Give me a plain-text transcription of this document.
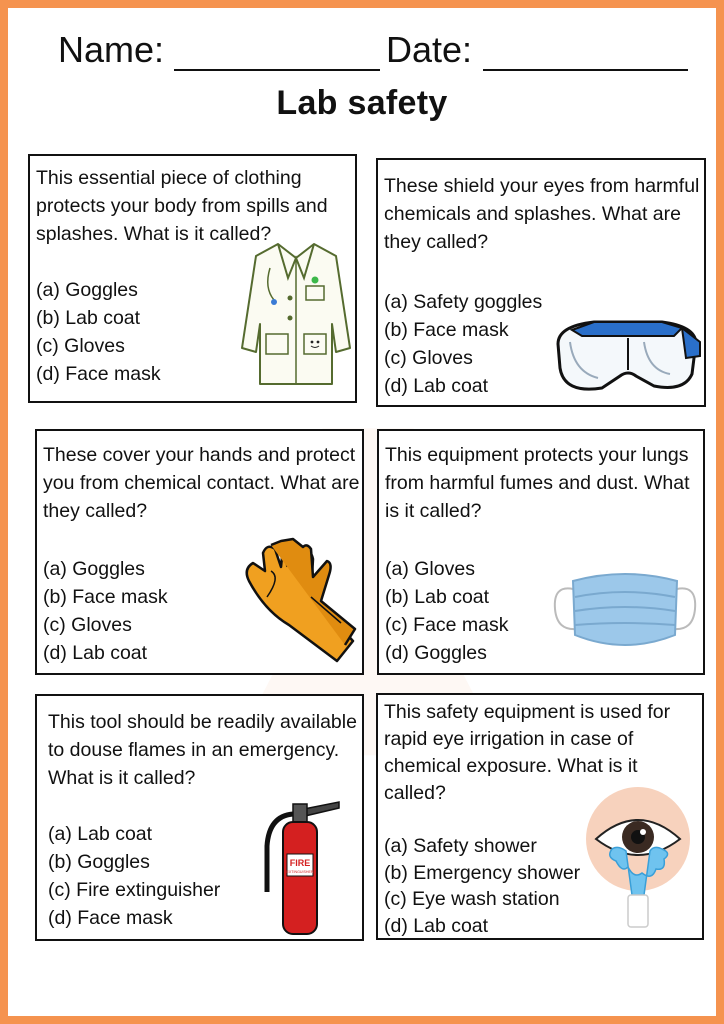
Name:	Date:
Lab safety
This essential piece of clothing protects your body from spills and splashes. What is it called?
(a) Goggles
(b) Lab coat
(c) Gloves
(d) Face mask
These shield your eyes from harmful chemicals and splashes. What are they called?
(a) Safety goggles
(b) Face mask
(c) Gloves
(d) Lab coat
These cover your hands and protect you from chemical contact. What are they called?
(a) Goggles
(b) Face mask
(c) Gloves
(d) Lab coat
This equipment protects your lungs from harmful fumes and dust. What is it called?
(a) Gloves
(b) Lab coat
(c) Face mask
(d) Goggles
This tool should be readily available to douse flames in an emergency. What is it called?
(a) Lab coat
(b) Goggles
(c) Fire extinguisher
(d) Face mask
FIRE
EXTINGUISHER
This safety equipment is used for rapid eye irrigation in case of chemical exposure. What is it called?
(a) Safety shower
(b) Emergency shower
(c) Eye wash station
(d) Lab coat
